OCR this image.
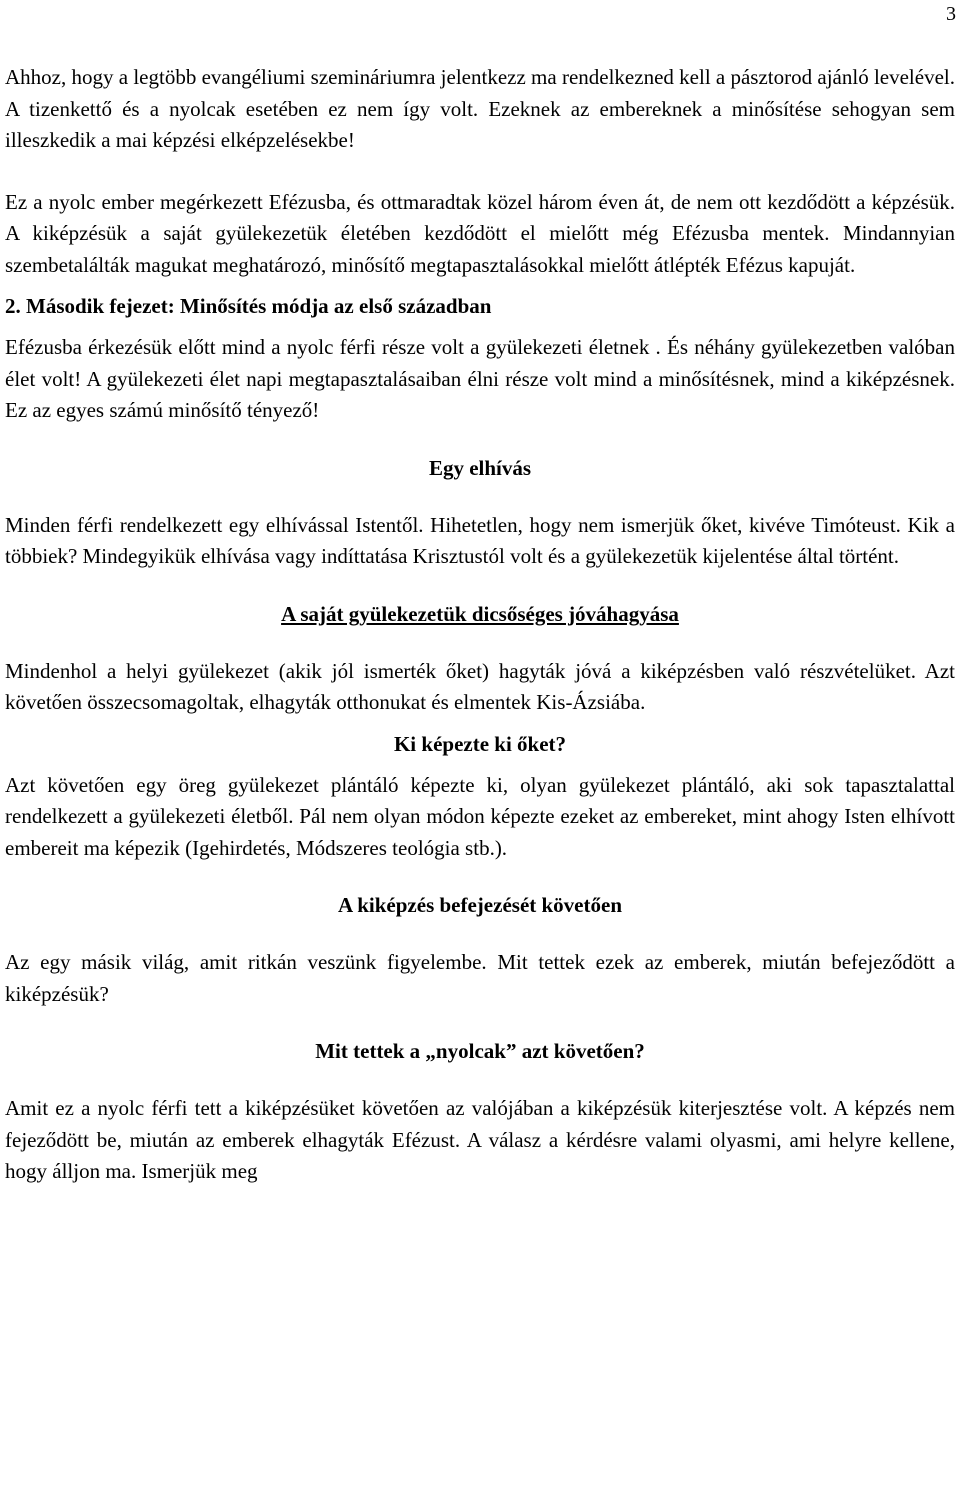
3

Ahhoz, hogy a legtöbb evangéliumi szemináriumra jelentkezz ma rendelkezned kell a pásztorod ajánló levelével. A tizenkettő és a nyolcak esetében ez nem így volt. Ezeknek az embereknek a minősítése sehogyan sem illeszkedik a mai képzési elképzelésekbe!

Ez a nyolc ember megérkezett Efézusba, és ottmaradtak közel három éven át, de nem ott kezdődött a képzésük. A kiképzésük a saját gyülekezetük életében kezdődött el mielőtt még Efézusba mentek. Mindannyian szembetalálták magukat meghatározó, minősítő megtapasztalásokkal mielőtt átlépték Efézus kapuját.

2. Második fejezet: Minősítés módja az első században

Efézusba érkezésük előtt mind a nyolc férfi része volt a gyülekezeti életnek . És néhány gyülekezetben valóban élet volt! A gyülekezeti élet napi megtapasztalásaiban élni része volt mind a minősítésnek, mind a kiképzésnek. Ez az egyes számú minősítő tényező!

Egy elhívás

Minden férfi rendelkezett egy elhívással Istentől. Hihetetlen, hogy nem ismerjük őket, kivéve Timóteust. Kik a többiek? Mindegyikük elhívása vagy indíttatása Krisztustól volt és a gyülekezetük kijelentése által történt.

A saját gyülekezetük dicsőséges jóváhagyása

Mindenhol a helyi gyülekezet (akik jól ismerték őket) hagyták jóvá a kiképzésben való részvételüket. Azt követően összecsomagoltak, elhagyták otthonukat és elmentek Kis-Ázsiába.

Ki képezte ki őket?

Azt követően egy öreg gyülekezet plántáló képezte ki, olyan gyülekezet plántáló, aki sok tapasztalattal rendelkezett a gyülekezeti életből. Pál nem olyan módon képezte ezeket az embereket, mint ahogy Isten elhívott embereit ma képezik (Igehirdetés, Módszeres teológia stb.).

A kiképzés befejezését követően

Az egy másik világ, amit ritkán veszünk figyelembe. Mit tettek ezek az emberek, miután befejeződött a kiképzésük?

Mit tettek a „nyolcak” azt követően?

Amit ez a nyolc férfi tett a kiképzésüket követően az valójában a kiképzésük kiterjesztése volt. A képzés nem fejeződött be, miután az emberek elhagyták Efézust. A válasz a kérdésre valami olyasmi, ami helyre kellene, hogy álljon ma. Ismerjük meg
